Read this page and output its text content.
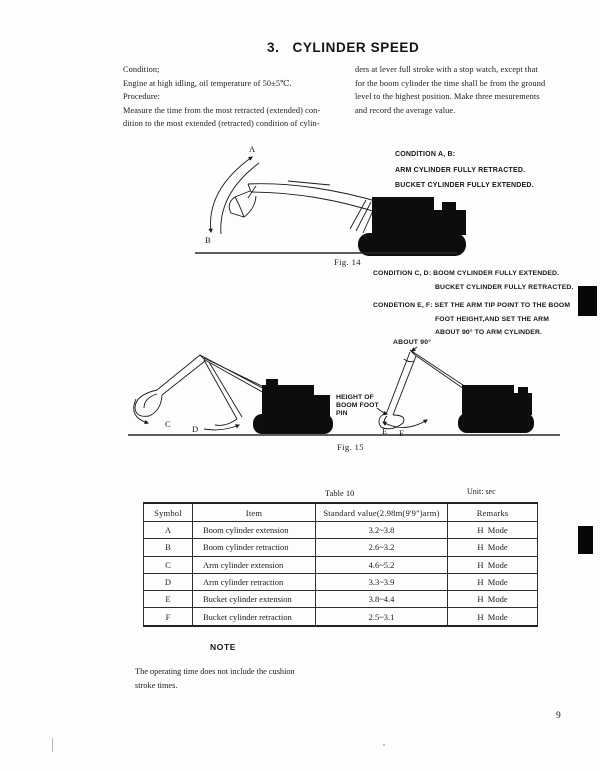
3. CYLINDER SPEED
Condition;
Engine at high idling, oil temperature of 50±5℃.
Procedure:
Measure the time from the most retracted (extended) con-
dition to the most extended (retracted) condition of cylin-
ders at lever full stroke with a stop watch, except that
for the boom cylinder the time shall be from the ground
level to the highest position. Make three mesurements
and record the average value.
CONDITION A, B:
ARM CYLINDER FULLY RETRACTED.
BUCKET CYLINDER FULLY EXTENDED.
A
B
Fig. 14
CONDITION C, D: BOOM CYLINDER FULLY EXTENDED.
BUCKET CYLINDER FULLY RETRACTED.
CONDETION E, F: SET THE ARM TIP POINT TO THE BOOM
FOOT HEIGHT,AND SET THE ARM
ABOUT 90° TO ARM CYLINDER.
ABOUT 90°
HEIGHT OF
BOOM FOOT
PIN
C	D	E F
Fig. 15
Table 10	Unit: sec
Symbol	Item	Standard value(2.98m(9'9")arm)	Remarks
A	Boom cylinder extension	3.2~3.8	H  Mode
B	Boom cylinder retraction	2.6~3.2	H  Mode
C	Arm cylinder extension	4.6~5.2	H  Mode
D	Arm cylinder retraction	3.3~3.9	H  Mode
E	Bucket cylinder extension	3.8~4.4	H  Mode
F	Bucket cylinder retraction	2.5~3.1	H  Mode
NOTE
The operating time does not include the cushion
stroke times.
9
